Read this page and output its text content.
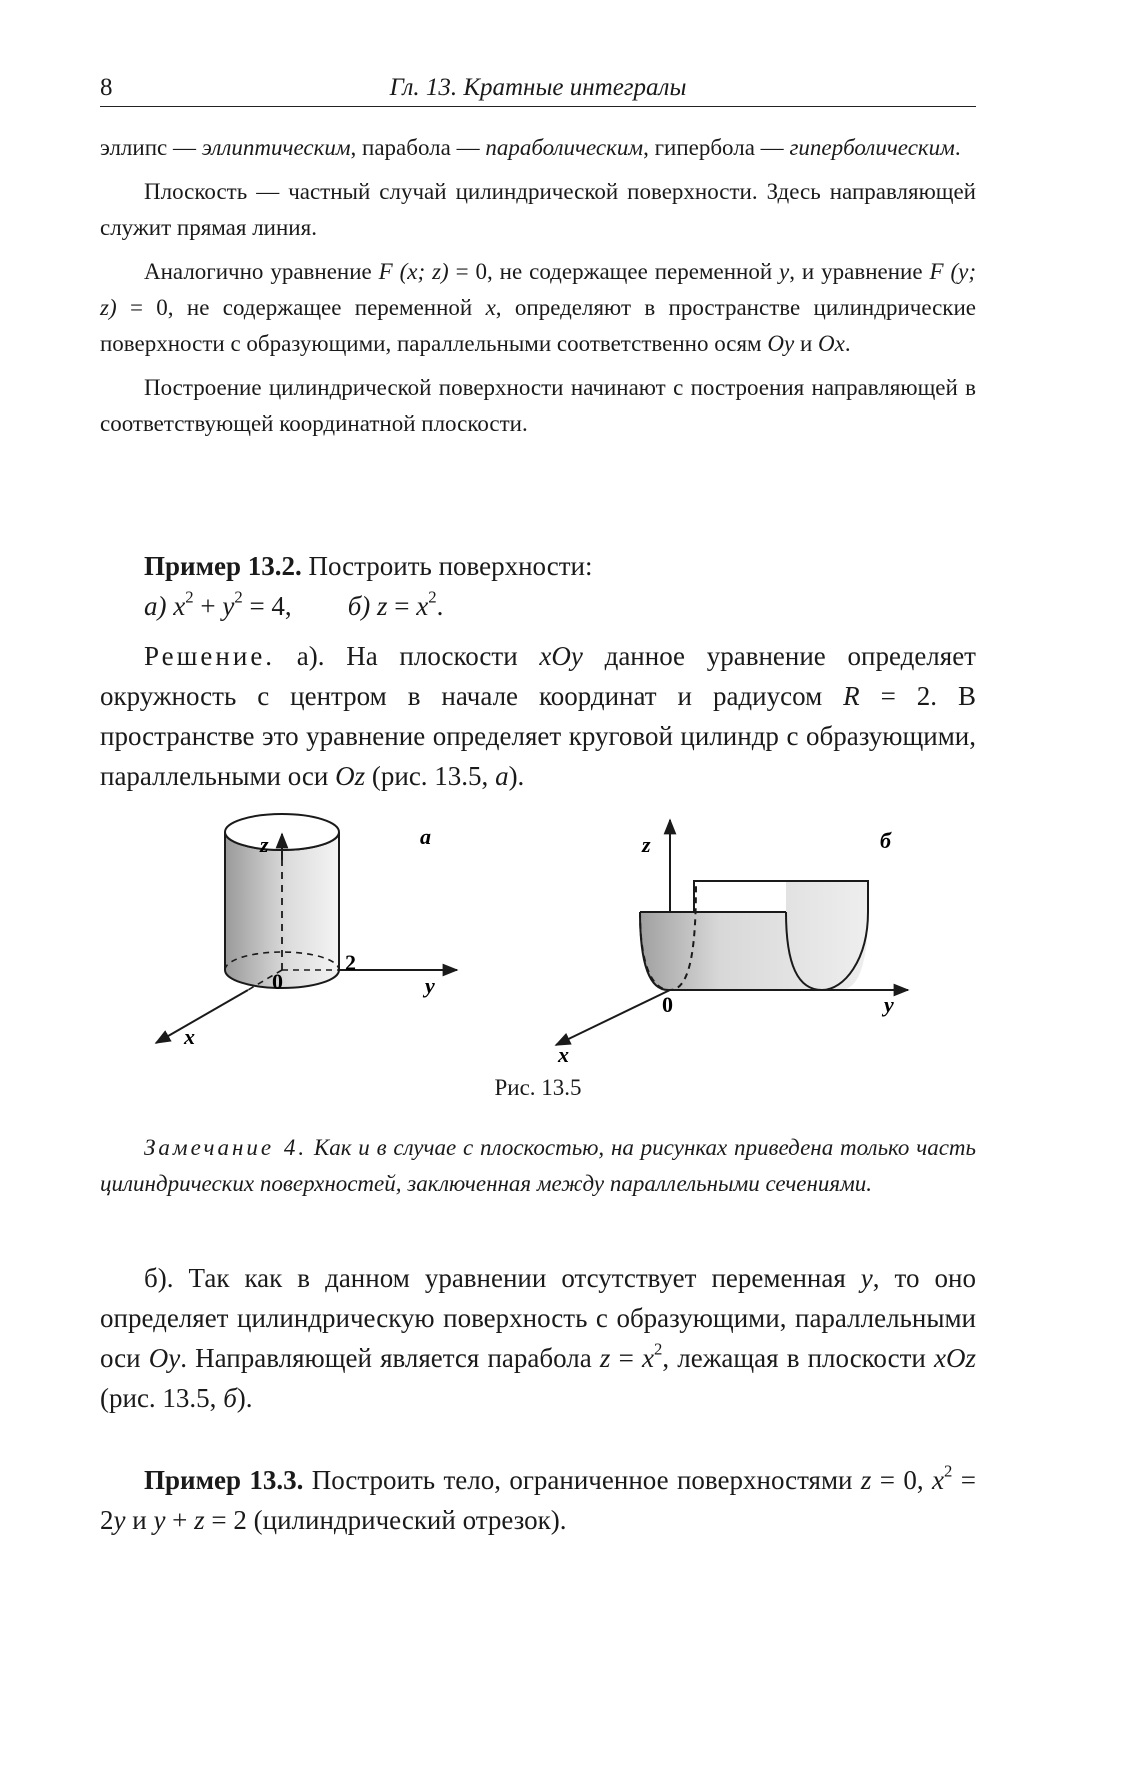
8	Гл. 13. Кратные интегралы

эллипс — эллиптическим, парабола — параболическим, гипербола — гиперболическим.

Плоскость — частный случай цилиндрической поверхности. Здесь направляющей служит прямая линия.

Аналогично уравнение F (x; z) = 0, не содержащее переменной y, и уравнение F (y; z) = 0, не содержащее переменной x, определяют в пространстве цилиндрические поверхности с образующими, параллельными соответственно осям Oy и Ox.

Построение цилиндрической поверхности начинают с построения направляющей в соответствующей координатной плоскости.

Пример 13.2. Построить поверхности:

а) $x^2 + y^2 = 4$, б) $z = x^2$.

Решение. а). На плоскости xOy данное уравнение определяет окружность с центром в начале координат и радиусом R = 2. В пространстве это уравнение определяет круговой цилиндр с образующими, параллельными оси Oz (рис. 13.5, а).

z
2
0	y
x
а	z
0	y
x
б
Рис. 13.5

Замечание 4. Как и в случае с плоскостью, на рисунках приведена только часть цилиндрических поверхностей, заключенная между параллельными сечениями.

б). Так как в данном уравнении отсутствует переменная y, то оно определяет цилиндрическую поверхность с образующими, параллельными оси Oy. Направляющей является парабола $z = x^2$, лежащая в плоскости xOz (рис. 13.5, б).

Пример 13.3. Построить тело, ограниченное поверхностями z = 0, $x^2 = 2y$ и y + z = 2 (цилиндрический отрезок).
